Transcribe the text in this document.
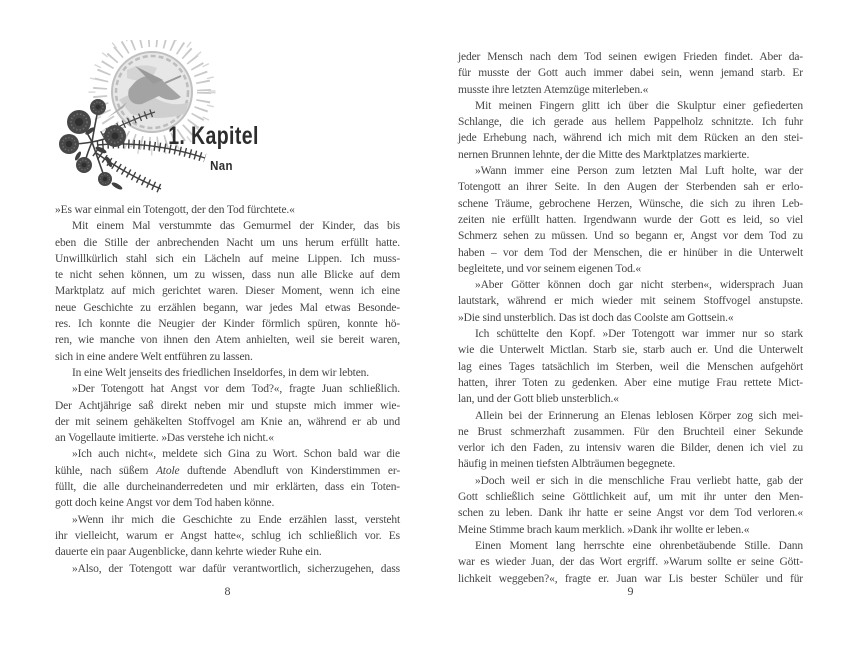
1. Kapitel
Nan
»Es war einmal ein Totengott, der den Tod fürchtete.«
Mit einem Mal verstummte das Gemurmel der Kinder, das bis
eben die Stille der anbrechenden Nacht um uns herum erfüllt hatte.
Unwillkürlich stahl sich ein Lächeln auf meine Lippen. Ich muss-
te nicht sehen können, um zu wissen, dass nun alle Blicke auf dem
Marktplatz auf mich gerichtet waren. Dieser Moment, wenn ich eine
neue Geschichte zu erzählen begann, war jedes Mal etwas Besonde-
res. Ich konnte die Neugier der Kinder förmlich spüren, konnte hö-
ren, wie manche von ihnen den Atem anhielten, weil sie bereit waren,
sich in eine andere Welt entführen zu lassen.
In eine Welt jenseits des friedlichen Inseldorfes, in dem wir lebten.
»Der Totengott hat Angst vor dem Tod?«, fragte Juan schließlich.
Der Achtjährige saß direkt neben mir und stupste mich immer wie-
der mit seinem gehäkelten Stoffvogel am Knie an, während er ab und
an Vogellaute imitierte. »Das verstehe ich nicht.«
»Ich auch nicht«, meldete sich Gina zu Wort. Schon bald war die
kühle, nach süßem Atole duftende Abendluft von Kinderstimmen er-
füllt, die alle durcheinanderredeten und mir erklärten, dass ein Toten-
gott doch keine Angst vor dem Tod haben könne.
»Wenn ihr mich die Geschichte zu Ende erzählen lasst, versteht
ihr vielleicht, warum er Angst hatte«, schlug ich schließlich vor. Es
dauerte ein paar Augenblicke, dann kehrte wieder Ruhe ein.
»Also, der Totengott war dafür verantwortlich, sicherzugehen, dass
8
jeder Mensch nach dem Tod seinen ewigen Frieden findet. Aber da-
für musste der Gott auch immer dabei sein, wenn jemand starb. Er
musste ihre letzten Atemzüge miterleben.«
Mit meinen Fingern glitt ich über die Skulptur einer gefiederten
Schlange, die ich gerade aus hellem Pappelholz schnitzte. Ich fuhr
jede Erhebung nach, während ich mich mit dem Rücken an den stei-
nernen Brunnen lehnte, der die Mitte des Marktplatzes markierte.
»Wann immer eine Person zum letzten Mal Luft holte, war der
Totengott an ihrer Seite. In den Augen der Sterbenden sah er erlo-
schene Träume, gebrochene Herzen, Wünsche, die sich zu ihren Leb-
zeiten nie erfüllt hatten. Irgendwann wurde der Gott es leid, so viel
Schmerz sehen zu müssen. Und so begann er, Angst vor dem Tod zu
haben – vor dem Tod der Menschen, die er hinüber in die Unterwelt
begleitete, und vor seinem eigenen Tod.«
»Aber Götter können doch gar nicht sterben«, widersprach Juan
lautstark, während er mich wieder mit seinem Stoffvogel anstupste.
»Die sind unsterblich. Das ist doch das Coolste am Gottsein.«
Ich schüttelte den Kopf. »Der Totengott war immer nur so stark
wie die Unterwelt Mictlan. Starb sie, starb auch er. Und die Unterwelt
lag eines Tages tatsächlich im Sterben, weil die Menschen aufgehört
hatten, ihrer Toten zu gedenken. Aber eine mutige Frau rettete Mict-
lan, und der Gott blieb unsterblich.«
Allein bei der Erinnerung an Elenas leblosen Körper zog sich mei-
ne Brust schmerzhaft zusammen. Für den Bruchteil einer Sekunde
verlor ich den Faden, zu intensiv waren die Bilder, denen ich viel zu
häufig in meinen tiefsten Albträumen begegnete.
»Doch weil er sich in die menschliche Frau verliebt hatte, gab der
Gott schließlich seine Göttlichkeit auf, um mit ihr unter den Men-
schen zu leben. Dank ihr hatte er seine Angst vor dem Tod verloren.«
Meine Stimme brach kaum merklich. »Dank ihr wollte er leben.«
Einen Moment lang herrschte eine ohrenbetäubende Stille. Dann
war es wieder Juan, der das Wort ergriff. »Warum sollte er seine Gött-
lichkeit weggeben?«, fragte er. Juan war Lis bester Schüler und für
9
